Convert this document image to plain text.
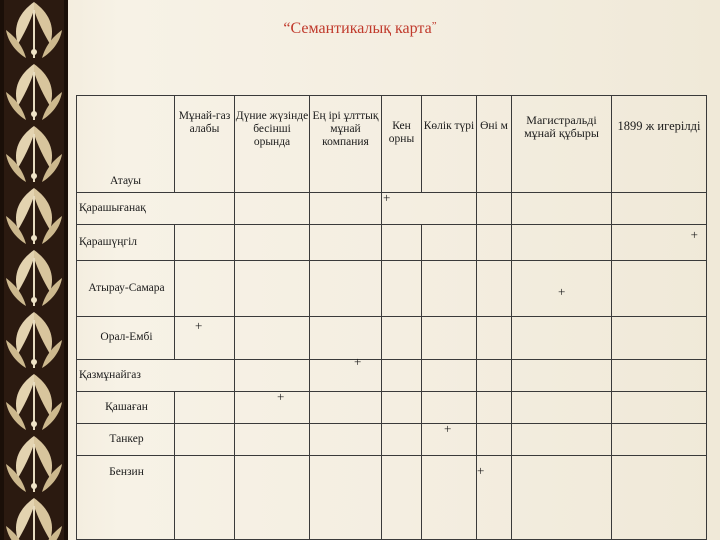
“Семантикалық карта”
Атауы	Мұнай-газ алабы	Дүние жүзінде бесінші орында	Ең ірі ұлттық мұнай компания	Кен орны	Көлік түрі	Өні м	Магистральді мұнай құбыры	1899 ж игерілді
Қарашығанақ				+				

Қарашүңгіл								+

Атырау-Самара							+	

Орал-Ембі	+							

Қазмұнайгаз			+					

Қашаған		+						

Танкер					+			

Бензин						+		
